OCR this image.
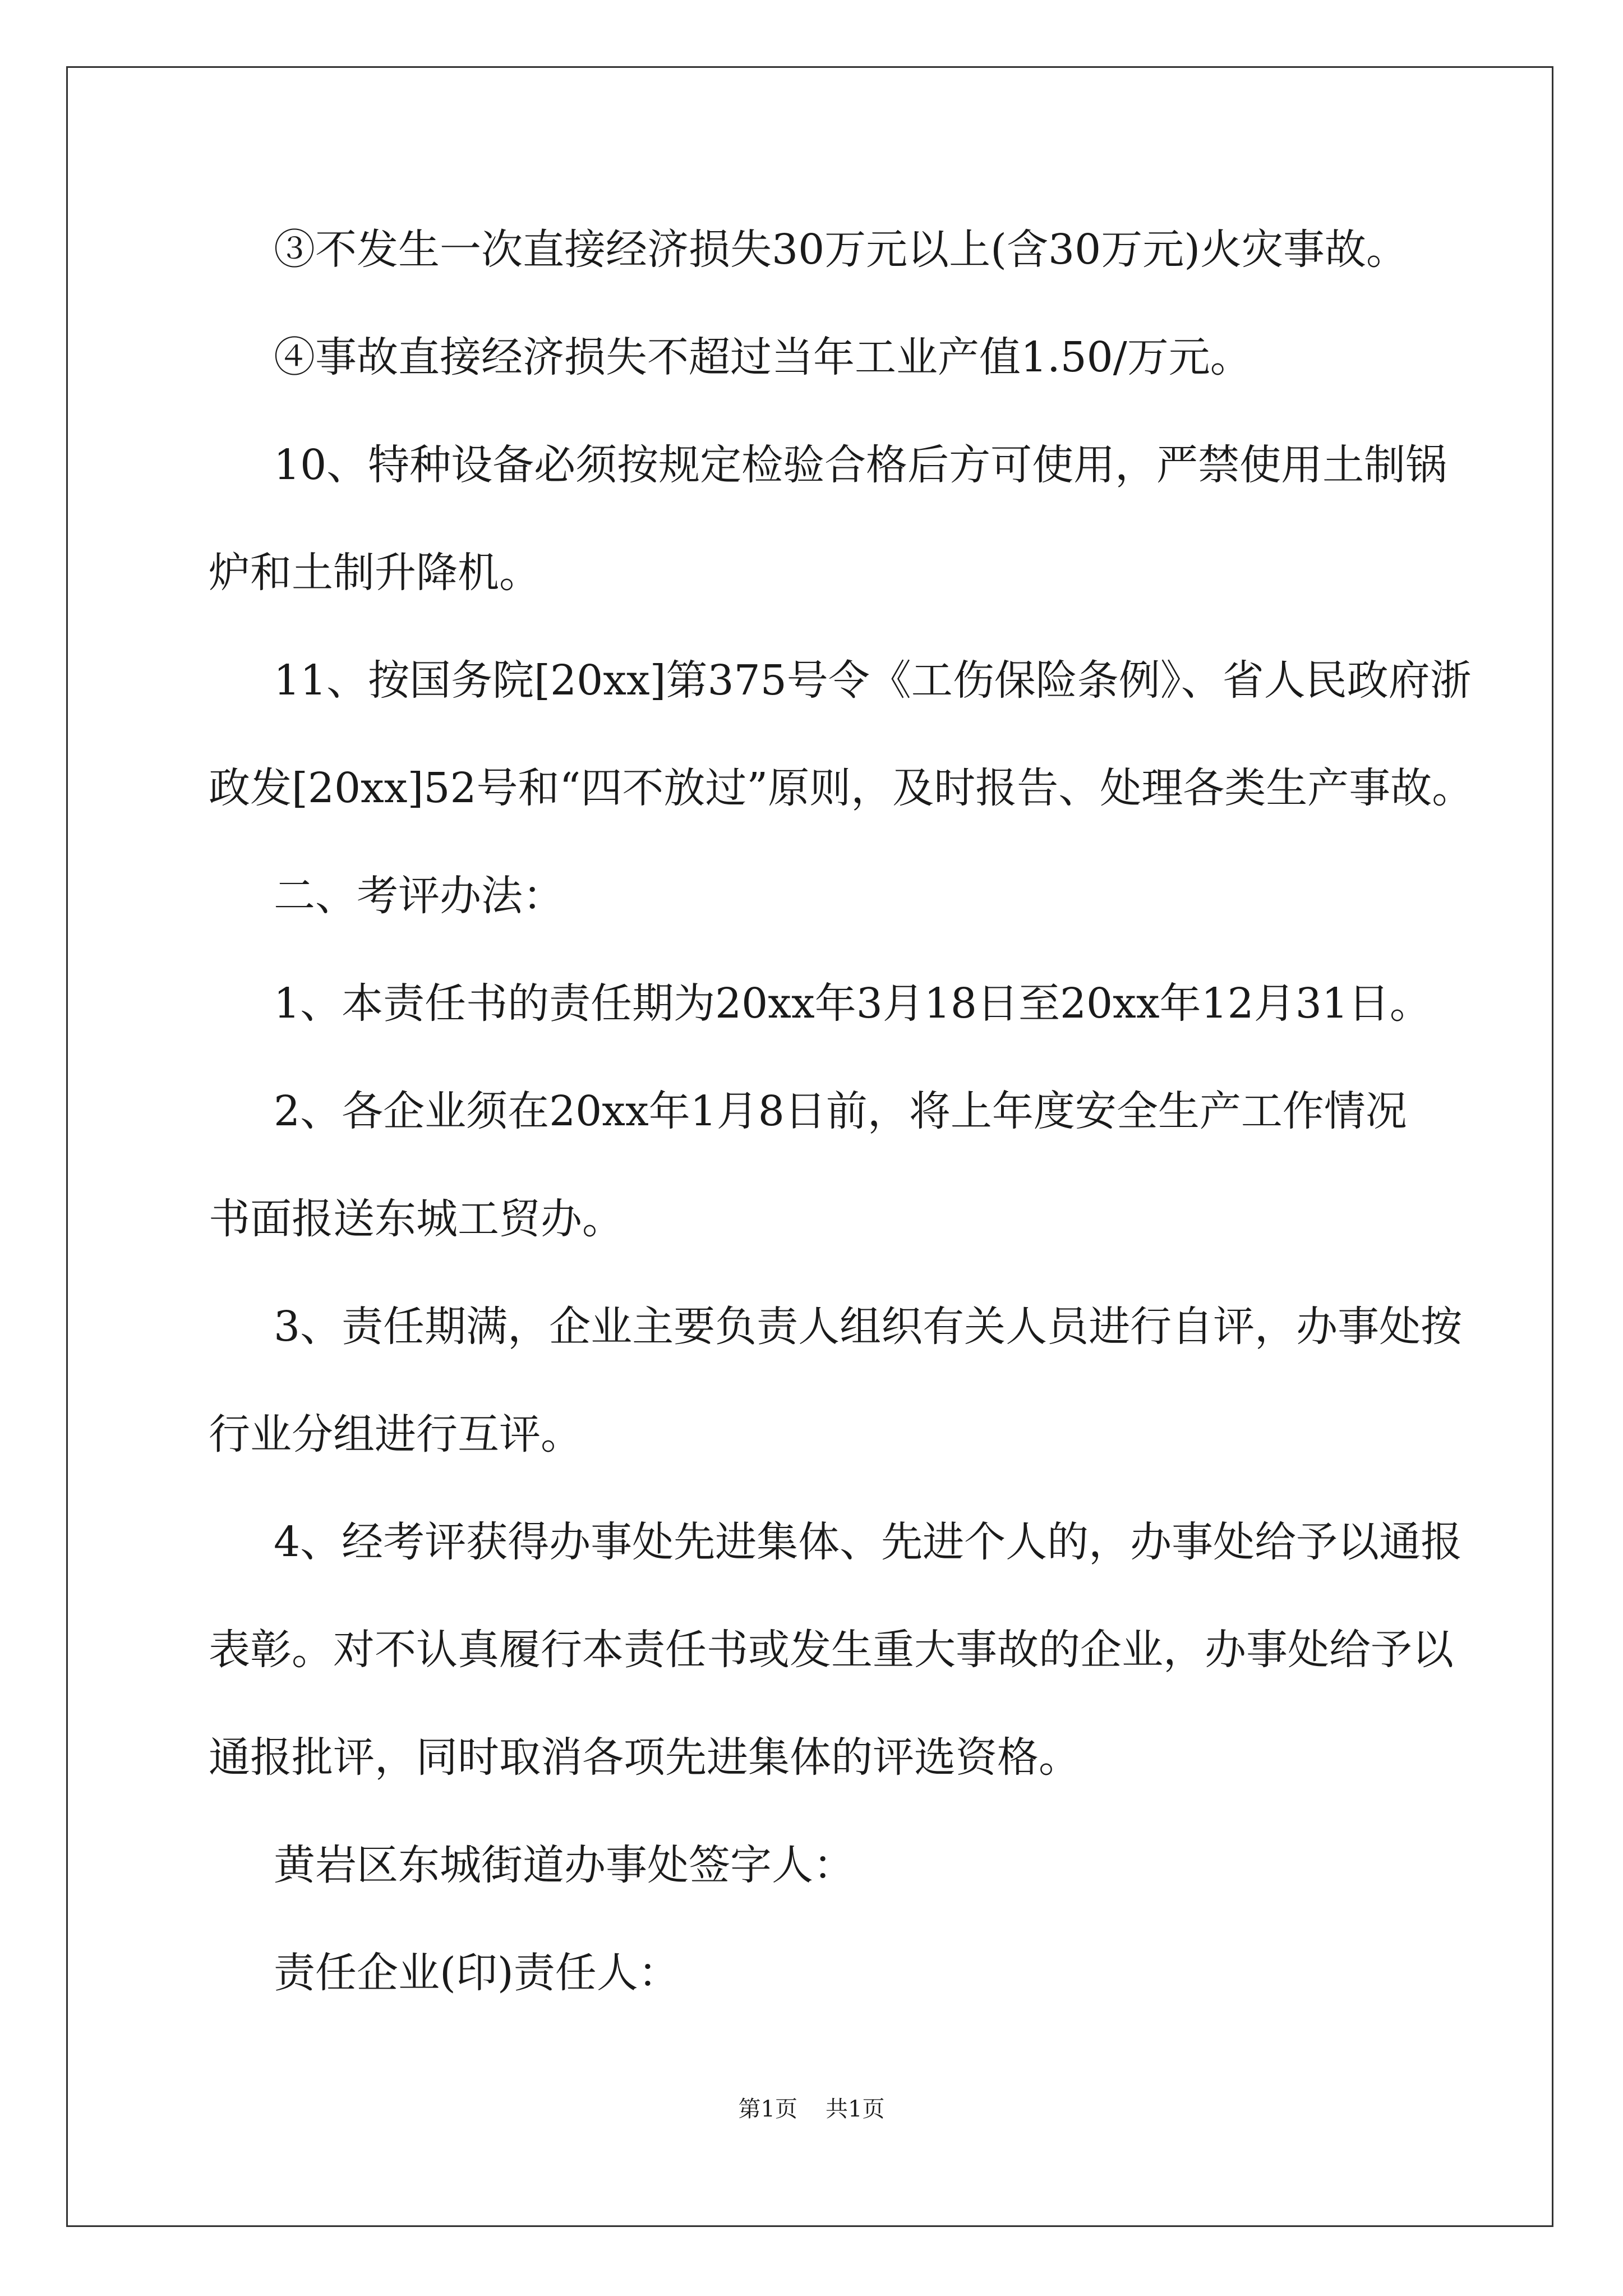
③不发生一次直接经济损失30万元以上(含30万元)火灾事故。

④事故直接经济损失不超过当年工业产值1.50/万元。

10、特种设备必须按规定检验合格后方可使用，严禁使用土制锅

炉和土制升降机。

11、按国务院[20xx]第375号令《工伤保险条例》、省人民政府浙

政发[20xx]52号和“四不放过”原则，及时报告、处理各类生产事故。

二、考评办法：

1、本责任书的责任期为20xx年3月18日至20xx年12月31日。

2、各企业须在20xx年1月8日前，将上年度安全生产工作情况

书面报送东城工贸办。

3、责任期满，企业主要负责人组织有关人员进行自评，办事处按

行业分组进行互评。

4、经考评获得办事处先进集体、先进个人的，办事处给予以通报

表彰。对不认真履行本责任书或发生重大事故的企业，办事处给予以

通报批评，同时取消各项先进集体的评选资格。

黄岩区东城街道办事处签字人：

责任企业(印)责任人：

第1页 共1页
